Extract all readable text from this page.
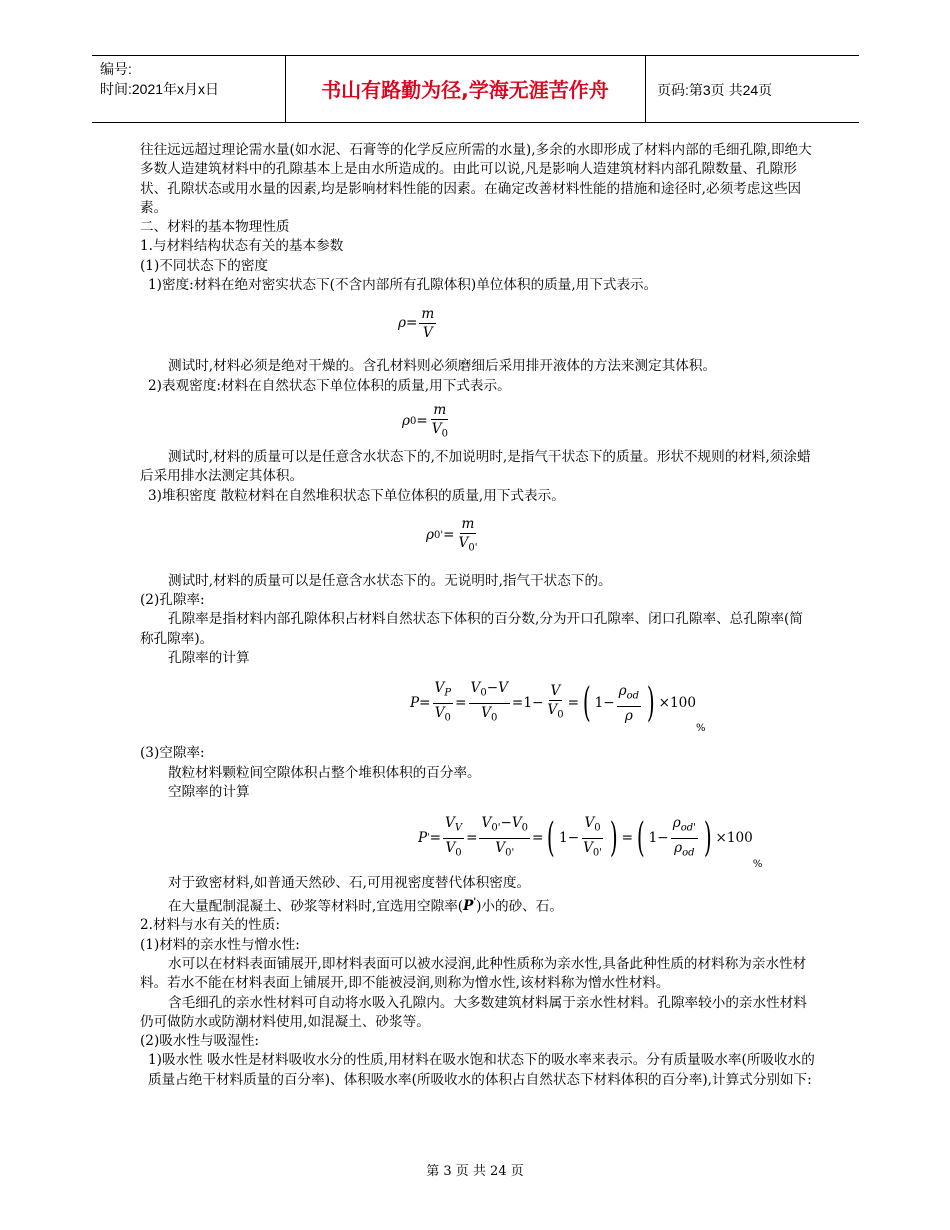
编号:
时间:2021年x月x日	书山有路勤为径,学海无涯苦作舟	页码:第3页 共24页

往往远远超过理论需水量(如水泥、石膏等的化学反应所需的水量),多余的水即形成了材料内部的毛细孔隙,即绝大多数人造建筑材料中的孔隙基本上是由水所造成的。由此可以说,凡是影响人造建筑材料内部孔隙数量、孔隙形状、孔隙状态或用水量的因素,均是影响材料性能的因素。在确定改善材料性能的措施和途径时,必须考虑这些因素。

二、材料的基本物理性质

1.与材料结构状态有关的基本参数

(1)不同状态下的密度

1)密度:材料在绝对密实状态下(不含内部所有孔隙体积)单位体积的质量,用下式表示。

$\rho = \frac{m}{V}$

测试时,材料必须是绝对干燥的。含孔材料则必须磨细后采用排开液体的方法来测定其体积。

2)表观密度:材料在自然状态下单位体积的质量,用下式表示。

ρ $0 = \frac{m}{V_0}$

测试时,材料的质量可以是任意含水状态下的,不加说明时,是指气干状态下的质量。形状不规则的材料,须涂蜡后采用排水法测定其体积。

3)堆积密度 散粒材料在自然堆积状态下单位体积的质量,用下式表示。

ρ $0' = \frac{m}{V_{0'}}$

测试时,材料的质量可以是任意含水状态下的。无说明时,指气干状态下的。

(2)孔隙率:

孔隙率是指材料内部孔隙体积占材料自然状态下体积的百分数,分为开口孔隙率、闭口孔隙率、总孔隙率(简称孔隙率)。

孔隙率的计算

$P = \frac{V_P}{V_0} = \frac{V_0-V}{V_0} = 1 - \frac{V}{V_0}$ = ( $1 - \frac{\rho_{od}}{\rho}$ ) ×100
%

(3)空隙率:

散粒材料颗粒间空隙体积占整个堆积体积的百分率。

空隙率的计算

P ' = $\frac{V_V}{V_0} = \frac{V_{0'}-V_0}{V_{0'}}$ = ( $1 - \frac{V_0}{V_{0'}}$ ) = ( $1 - \frac{\rho_{od'}}{\rho_{od}}$ ) ×100
%

对于致密材料,如普通天然砂、石,可用视密度替代体积密度。

在大量配制混凝土、砂浆等材料时,宜选用空隙率(P')小的砂、石。

2.材料与水有关的性质:

(1)材料的亲水性与憎水性:

水可以在材料表面铺展开,即材料表面可以被水浸润,此种性质称为亲水性,具备此种性质的材料称为亲水性材料。若水不能在材料表面上铺展开,即不能被浸润,则称为憎水性,该材料称为憎水性材料。

含毛细孔的亲水性材料可自动将水吸入孔隙内。大多数建筑材料属于亲水性材料。孔隙率较小的亲水性材料仍可做防水或防潮材料使用,如混凝土、砂浆等。

(2)吸水性与吸湿性:

1)吸水性 吸水性是材料吸收水分的性质,用材料在吸水饱和状态下的吸水率来表示。分有质量吸水率(所吸收水的质量占绝干材料质量的百分率)、体积吸水率(所吸收水的体积占自然状态下材料体积的百分率),计算式分别如下:

第 3 页 共 24 页
